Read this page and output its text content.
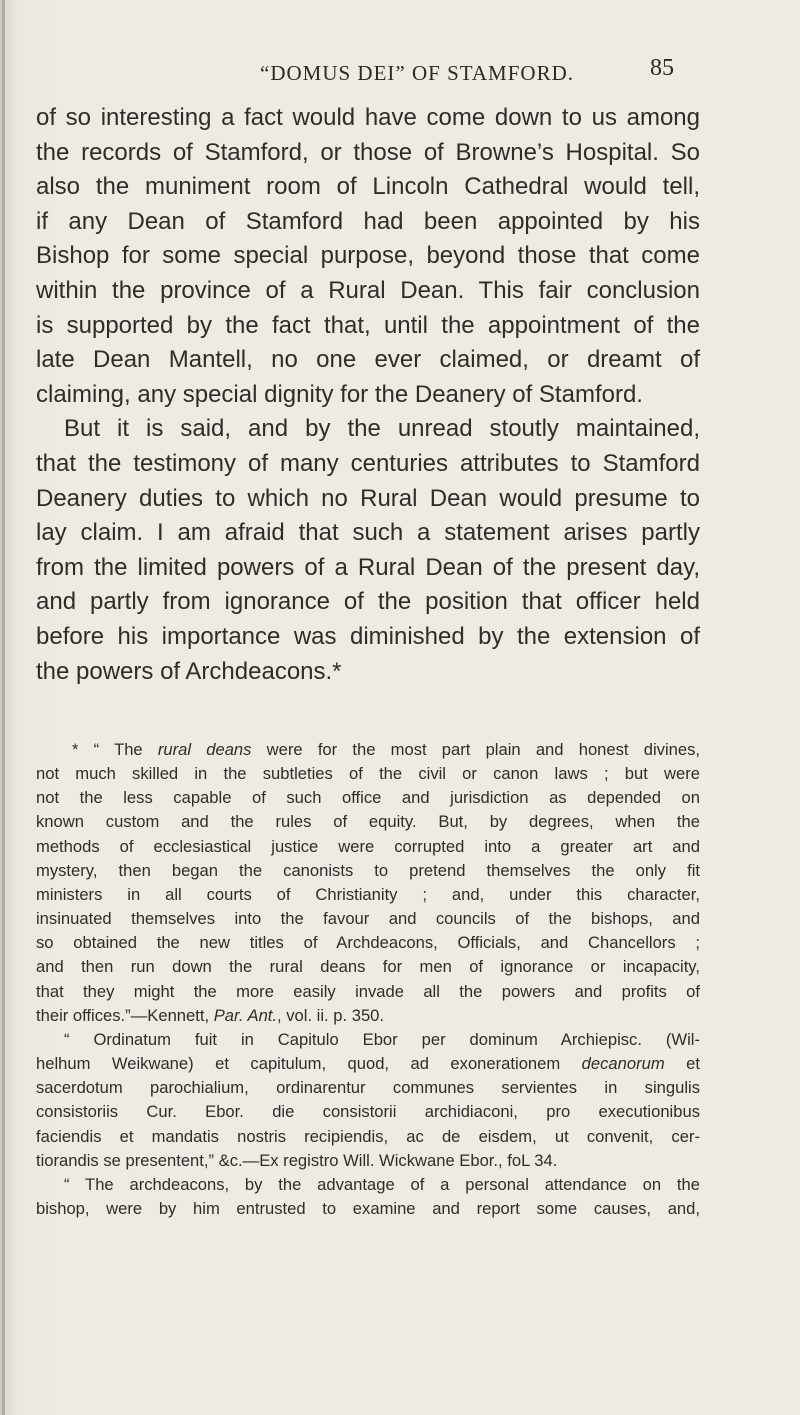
“DOMUS DEI” OF STAMFORD.	85

of so interesting a fact would have come down to us among
the records of Stamford, or those of Browne’s Hospital. So
also the muniment room of Lincoln Cathedral would tell,
if any Dean of Stamford had been appointed by his
Bishop for some special purpose, beyond those that come
within the province of a Rural Dean. This fair conclusion
is supported by the fact that, until the appointment of the
late Dean Mantell, no one ever claimed, or dreamt of
claiming, any special dignity for the Deanery of Stamford.

But it is said, and by the unread stoutly maintained,
that the testimony of many centuries attributes to Stamford
Deanery duties to which no Rural Dean would presume to
lay claim. I am afraid that such a statement arises partly
from the limited powers of a Rural Dean of the present day,
and partly from ignorance of the position that officer held
before his importance was diminished by the extension of
the powers of Archdeacons.*

* “ The rural deans were for the most part plain and honest divines,
not much skilled in the subtleties of the civil or canon laws ; but were
not the less capable of such office and jurisdiction as depended on
known custom and the rules of equity. But, by degrees, when the
methods of ecclesiastical justice were corrupted into a greater art and
mystery, then began the canonists to pretend themselves the only fit
ministers in all courts of Christianity ; and, under this character,
insinuated themselves into the favour and councils of the bishops, and
so obtained the new titles of Archdeacons, Officials, and Chancellors ;
and then run down the rural deans for men of ignorance or incapacity,
that they might the more easily invade all the powers and profits of
their offices.”—Kennett, Par. Ant., vol. ii. p. 350.
“ Ordinatum fuit in Capitulo Ebor per dominum Archiepisc. (Wil-
helhum Weikwane) et capitulum, quod, ad exonerationem decanorum et
sacerdotum parochialium, ordinarentur communes servientes in singulis
consistoriis Cur. Ebor. die consistorii archidiaconi, pro executionibus
faciendis et mandatis nostris recipiendis, ac de eisdem, ut convenit, cer-
tiorandis se presentent,” &c.—Ex registro Will. Wickwane Ebor., foL 34.
“ The archdeacons, by the advantage of a personal attendance on the
bishop, were by him entrusted to examine and report some causes, and,
